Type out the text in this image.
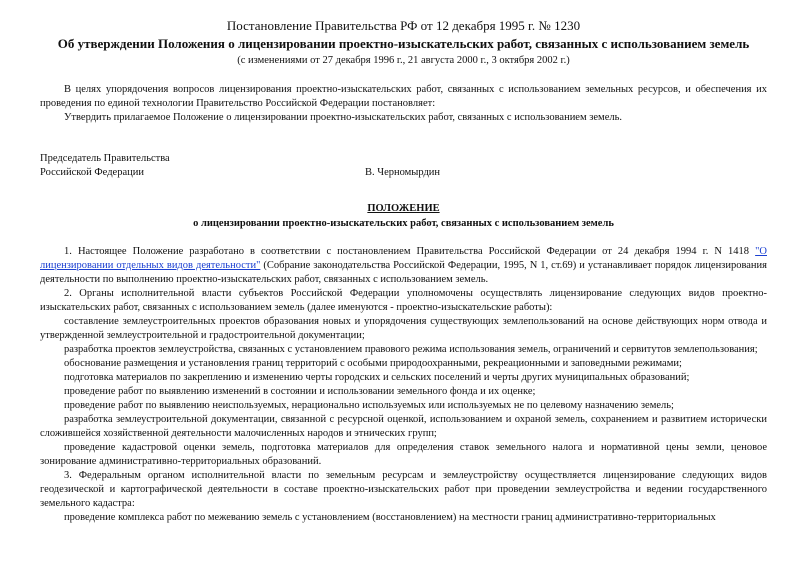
Постановление Правительства РФ от 12 декабря 1995 г. № 1230
Об утверждении Положения о лицензировании проектно-изыскательских работ, связанных с использованием земель
(с изменениями от 27 декабря 1996 г., 21 августа 2000 г., 3 октября 2002 г.)

В целях упорядочения вопросов лицензирования проектно-изыскательских работ, связанных с использованием земельных ресурсов, и обеспечения их проведения по единой технологии Правительство Российской Федерации постановляет:

Утвердить прилагаемое Положение о лицензировании проектно-изыскательских работ, связанных с использованием земель.

Председатель Правительства
Российской Федерации	В. Черномырдин
ПОЛОЖЕНИЕ
о лицензировании проектно-изыскательских работ, связанных с использованием земель

1. Настоящее Положение разработано в соответствии с постановлением Правительства Российской Федерации от 24 декабря 1994 г. N 1418 "О лицензировании отдельных видов деятельности" (Собрание законодательства Российской Федерации, 1995, N 1, ст.69) и устанавливает порядок лицензирования деятельности по выполнению проектно-изыскательских работ, связанных с использованием земель.

2. Органы исполнительной власти субъектов Российской Федерации уполномочены осуществлять лицензирование следующих видов проектно-изыскательских работ, связанных с использованием земель (далее именуются - проектно-изыскательские работы):

составление землеустроительных проектов образования новых и упорядочения существующих землепользований на основе действующих норм отвода и утвержденной землеустроительной и градостроительной документации;

разработка проектов землеустройства, связанных с установлением правового режима использования земель, ограничений и сервитутов землепользования;

обоснование размещения и установления границ территорий с особыми природоохранными, рекреационными и заповедными режимами;

подготовка материалов по закреплению и изменению черты городских и сельских поселений и черты других муниципальных образований;

проведение работ по выявлению изменений в состоянии и использовании земельного фонда и их оценке;

проведение работ по выявлению неиспользуемых, нерационально используемых или используемых не по целевому назначению земель;

разработка землеустроительной документации, связанной с ресурсной оценкой, использованием и охраной земель, сохранением и развитием исторически сложившейся хозяйственной деятельности малочисленных народов и этнических групп;

проведение кадастровой оценки земель, подготовка материалов для определения ставок земельного налога и нормативной цены земли, ценовое зонирование административно-территориальных образований.

3. Федеральным органом исполнительной власти по земельным ресурсам и землеустройству осуществляется лицензирование следующих видов геодезической и картографической деятельности в составе проектно-изыскательских работ при проведении землеустройства и ведении государственного земельного кадастра:

проведение комплекса работ по межеванию земель с установлением (восстановлением) на местности границ административно-территориальных
